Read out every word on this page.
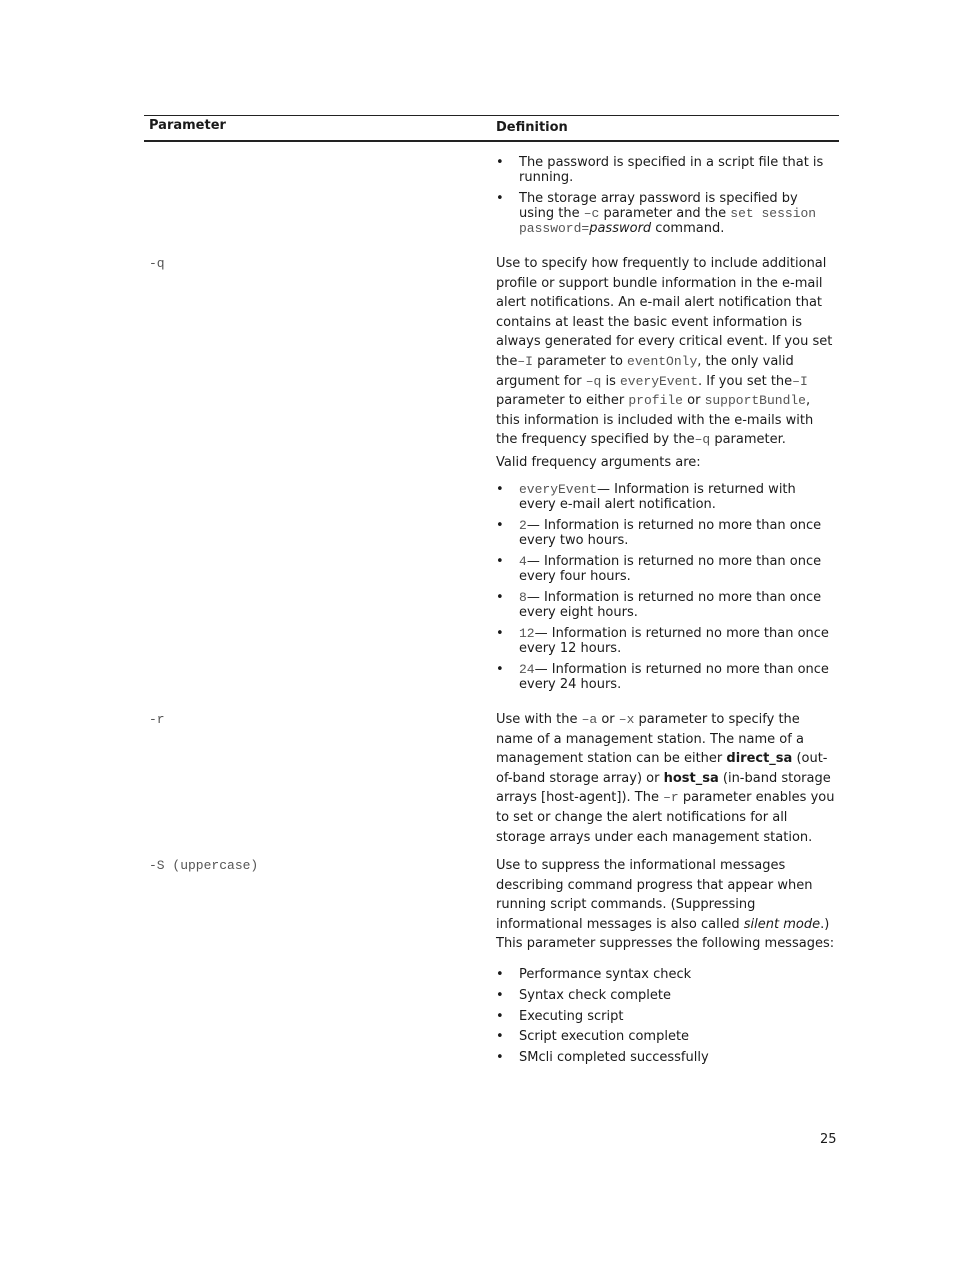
Parameter	Definition
• The password is specified in a script file that is running.
• The storage array password is specified by using the –c parameter and the set session password=password command.
-q	Use to specify how frequently to include additional profile or support bundle information in the e-mail alert notifications. An e-mail alert notification that contains at least the basic event information is always generated for every critical event. If you set the–I parameter to eventOnly, the only valid argument for –q is everyEvent. If you set the–I parameter to either profile or supportBundle, this information is included with the e-mails with the frequency specified by the–q parameter.

Valid frequency arguments are:

• everyEvent— Information is returned with every e-mail alert notification.
• 2— Information is returned no more than once every two hours.
• 4— Information is returned no more than once every four hours.
• 8— Information is returned no more than once every eight hours.
• 12— Information is returned no more than once every 12 hours.
• 24— Information is returned no more than once every 24 hours.
-r	Use with the –a or –x parameter to specify the name of a management station. The name of a management station can be either direct_sa (out-of-band storage array) or host_sa (in-band storage arrays [host-agent]). The –r parameter enables you to set or change the alert notifications for all storage arrays under each management station.

-S (uppercase)	Use to suppress the informational messages describing command progress that appear when running script commands. (Suppressing informational messages is also called silent mode.) This parameter suppresses the following messages:

• Performance syntax check
• Syntax check complete
• Executing script
• Script execution complete
• SMcli completed successfully
25
